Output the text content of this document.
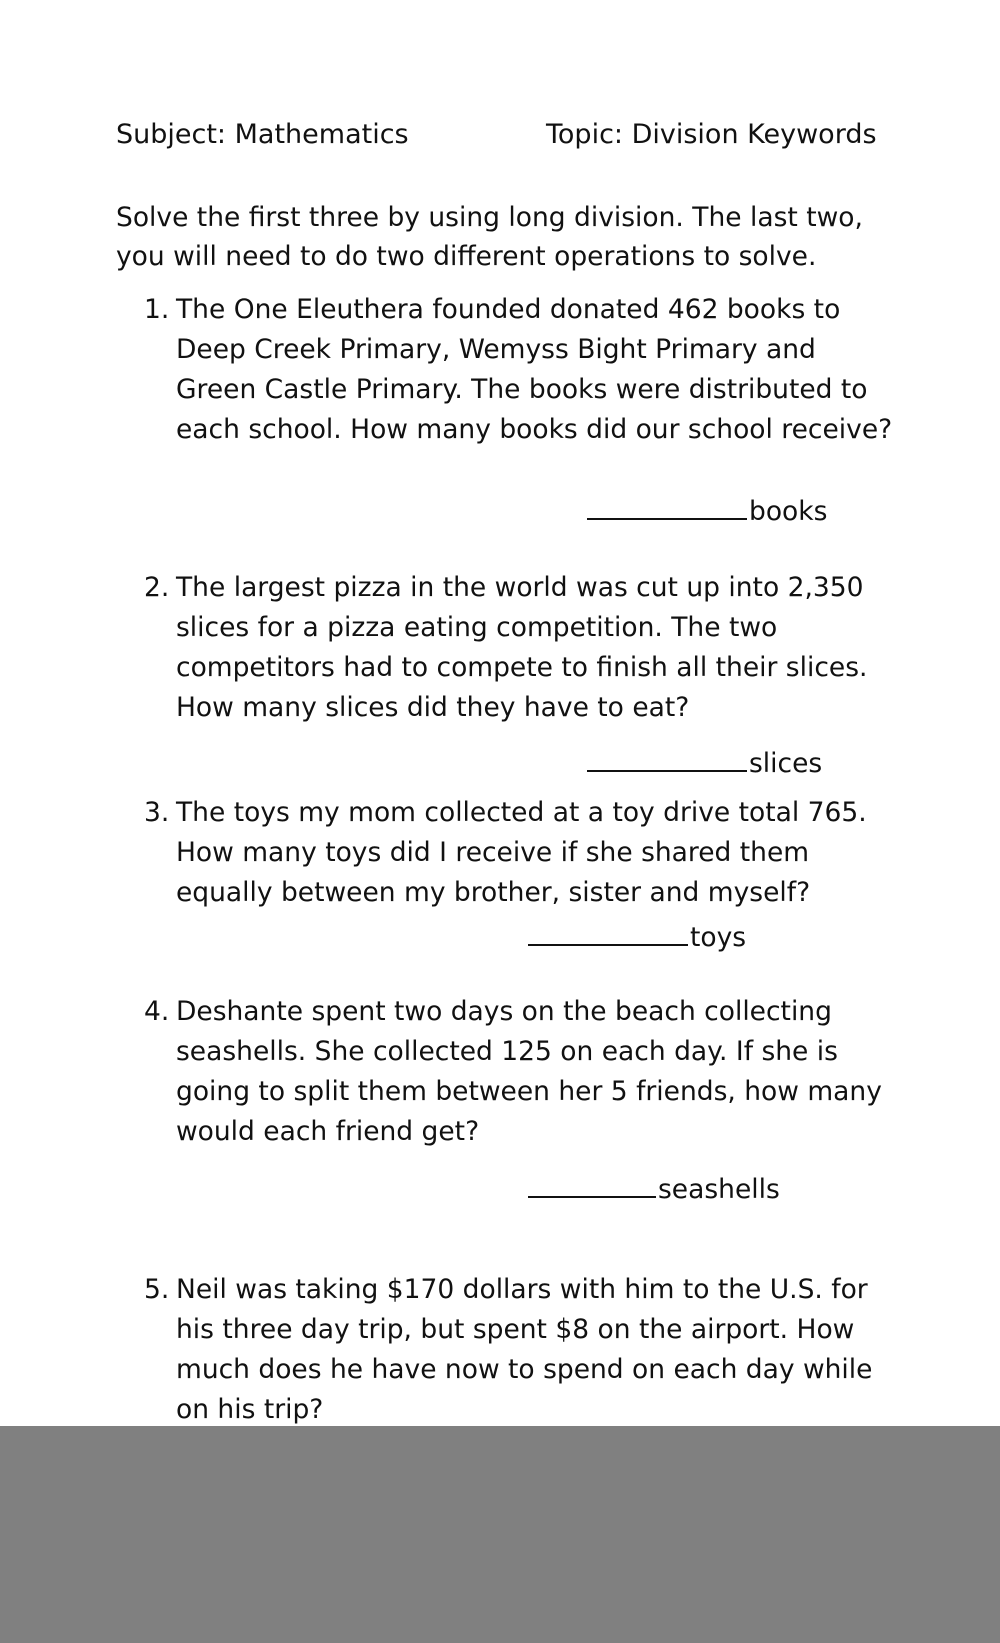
Subject: Mathematics	Topic: Division Keywords
Solve the first three by using long division. The last two, you will need to do two different operations to solve.
1. The One Eleuthera founded donated 462 books to Deep Creek Primary, Wemyss Bight Primary and Green Castle Primary. The books were distributed to each school. How many books did our school receive?
books
2. The largest pizza in the world was cut up into 2,350 slices for a pizza eating competition. The two competitors had to compete to finish all their slices. How many slices did they have to eat?
slices
3. The toys my mom collected at a toy drive total 765. How many toys did I receive if she shared them equally between my brother, sister and myself?
toys
4. Deshante spent two days on the beach collecting seashells. She collected 125 on each day. If she is going to split them between her 5 friends, how many would each friend get?
seashells
5. Neil was taking $170 dollars with him to the U.S. for his three day trip, but spent $8 on the airport. How much does he have now to spend on each day while on his trip?
